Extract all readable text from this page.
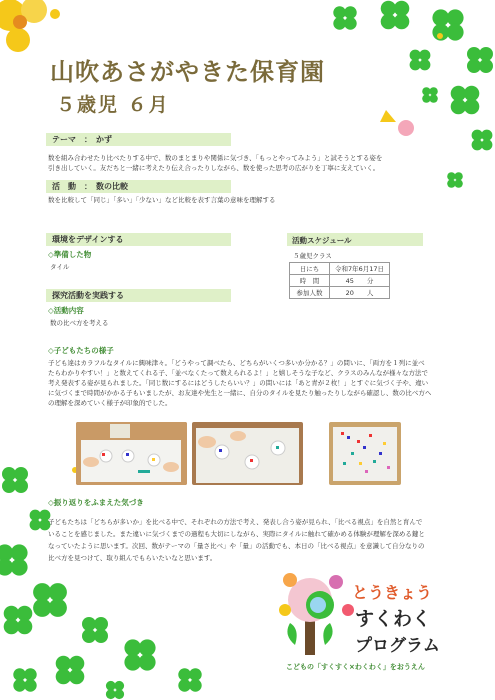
山吹あさがやきた保育園
５歳児 ６月
テーマ　：　かず
数を組み合わせたり比べたりする中で、数のまとまりや関係に気づき、「もっとやってみよう」と試そうとする姿を
引き出していく。友だちと一緒に考えたり伝え合ったりしながら、数を使った思考の広がりを丁寧に支えていく。
活　動　：　数の比較
数を比較して「同じ」「多い」「少ない」など比較を表す言葉の意味を理解する
環境をデザインする
◇準備した物
タイル
探究活動を実践する
◇活動内容
数の比べ方を考える
活動スケジュール
５歳児クラス
日にち	令和7年6月17日
時　間	45　　分
参加人数	20　　人
◇子どもたちの様子
子ども達はカラフルなタイルに興味津々。「どうやって調べたら、どちらがいくつ多いか分かる？」の問いに、「両方を１列に並べ
たらわかりやすい！」と数えてくれる子、「並べなくたって数えられるよ！」と嬉しそうな子など、クラスのみんなが様々な方法で
考え発表する姿が見られました。「同じ数にするにはどうしたらいい？」の問いには「あと青が２枚！」とすぐに気づく子や、違い
に気づくまで時間がかかる子もいましたが、お友達や先生と一緒に、自分のタイルを見たり触ったりしながら確認し、数の比べ方へ
の理解を深めていく様子が印象的でした。
◇振り返りをふまえた気づき
子どもたちは「どちらが多いか」を比べる中で、それぞれの方法で考え、発表し合う姿が見られ、「比べる視点」を自然と育んで
いることを感じました。また違いに気づくまでの過程も大切にしながら、実際にタイルに触れて確かめる体験が理解を深める鍵と
なっていたように思います。次回、数がテーマの「量さ比べ」や「量」の活動でも、本日の「比べる視点」を意識して自分なりの
比べ方を見つけて、取り組んでもらいたいなと思います。
とうきょう
すくわく
プログラム
こどもの「すくすく×わくわく」をおうえん
